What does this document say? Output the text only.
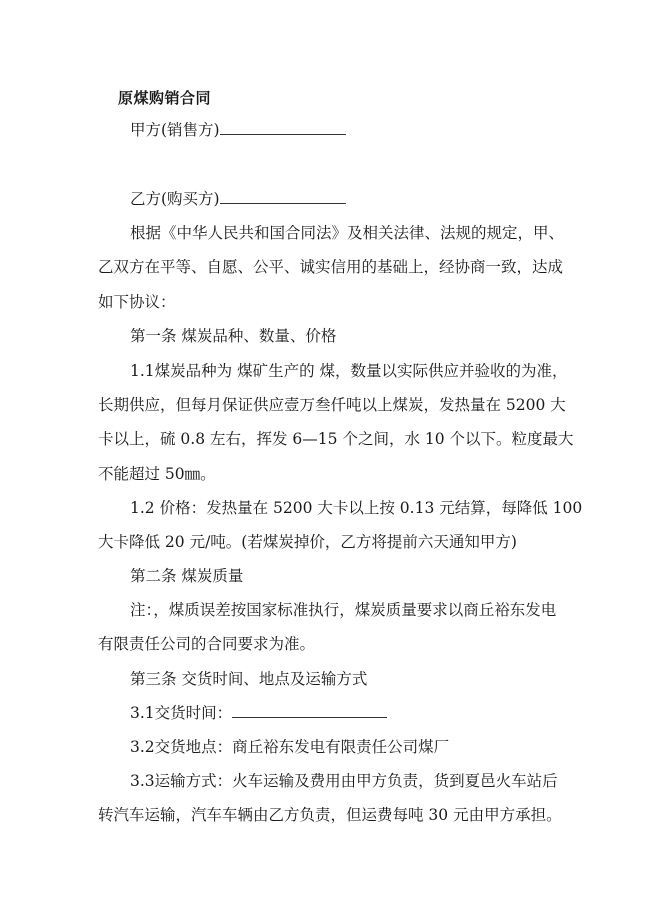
原煤购销合同
甲方(销售方)
乙方(购买方)
根据《中华人民共和国合同法》及相关法律、法规的规定，甲、
乙双方在平等、自愿、公平、诚实信用的基础上，经协商一致，达成
如下协议：
第一条 煤炭品种、数量、价格
1.1煤炭品种为 煤矿生产的 煤，数量以实际供应并验收的为准，
长期供应，但每月保证供应壹万叁仟吨以上煤炭，发热量在 5200 大
卡以上，硫 0.8 左右，挥发 6—15 个之间，水 10 个以下。粒度最大
不能超过 50㎜。
1.2 价格：发热量在 5200 大卡以上按 0.13 元结算，每降低 100
大卡降低 20 元/吨。(若煤炭掉价，乙方将提前六天通知甲方)
第二条 煤炭质量
注：，煤质误差按国家标准执行，煤炭质量要求以商丘裕东发电
有限责任公司的合同要求为准。
第三条 交货时间、地点及运输方式
3.1交货时间：
3.2交货地点：商丘裕东发电有限责任公司煤厂
3.3运输方式：火车运输及费用由甲方负责，货到夏邑火车站后
转汽车运输，汽车车辆由乙方负责，但运费每吨 30 元由甲方承担。
